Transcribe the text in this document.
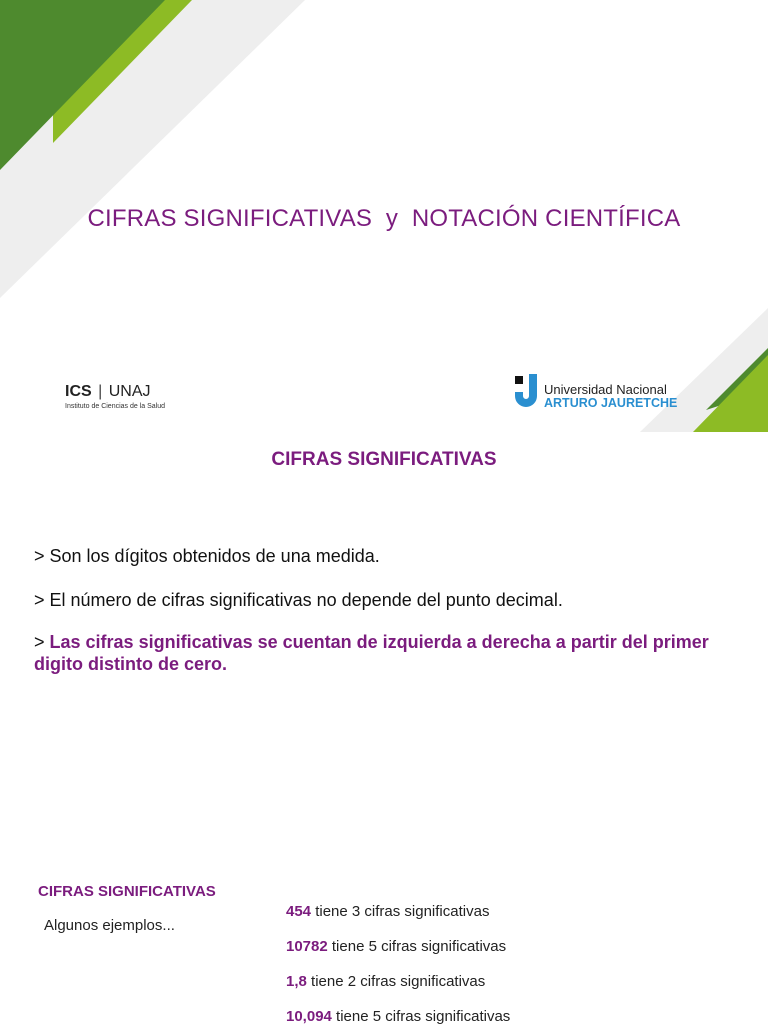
CIFRAS SIGNIFICATIVAS  y  NOTACIÓN CIENTÍFICA
ICS | UNAJ
Instituto de Ciencias de la Salud
Universidad Nacional
ARTURO JAURETCHE
CIFRAS SIGNIFICATIVAS

> Son los dígitos obtenidos de una medida.

> El número de cifras significativas no depende del punto decimal.

> Las cifras significativas se cuentan de izquierda a derecha a partir del primer digito distinto de cero.

CIFRAS SIGNIFICATIVAS

Algunos ejemplos...

454 tiene 3 cifras significativas
10782 tiene 5 cifras significativas
1,8 tiene 2 cifras significativas
10,094 tiene 5 cifras significativas
